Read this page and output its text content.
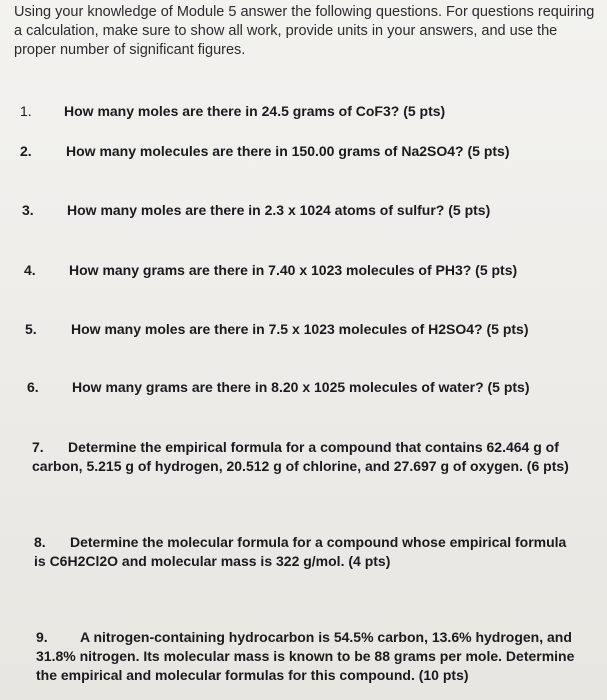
Using your knowledge of Module 5 answer the following questions. For questions requiring a calculation, make sure to show all work, provide units in your answers, and use the proper number of significant figures.
1. How many moles are there in 24.5 grams of CoF3? (5 pts)
2. How many molecules are there in 150.00 grams of Na2SO4? (5 pts)
3. How many moles are there in 2.3 x 1024 atoms of sulfur? (5 pts)
4. How many grams are there in 7.40 x 1023 molecules of PH3? (5 pts)
5. How many moles are there in 7.5 x 1023 molecules of H2SO4? (5 pts)
6. How many grams are there in 8.20 x 1025 molecules of water? (5 pts)
7. Determine the empirical formula for a compound that contains 62.464 g of
carbon, 5.215 g of hydrogen, 20.512 g of chlorine, and 27.697 g of oxygen. (6 pts)
8. Determine the molecular formula for a compound whose empirical formula
is C6H2Cl2O and molecular mass is 322 g/mol. (4 pts)
9. A nitrogen-containing hydrocarbon is 54.5% carbon, 13.6% hydrogen, and
31.8% nitrogen. Its molecular mass is known to be 88 grams per mole. Determine
the empirical and molecular formulas for this compound. (10 pts)
